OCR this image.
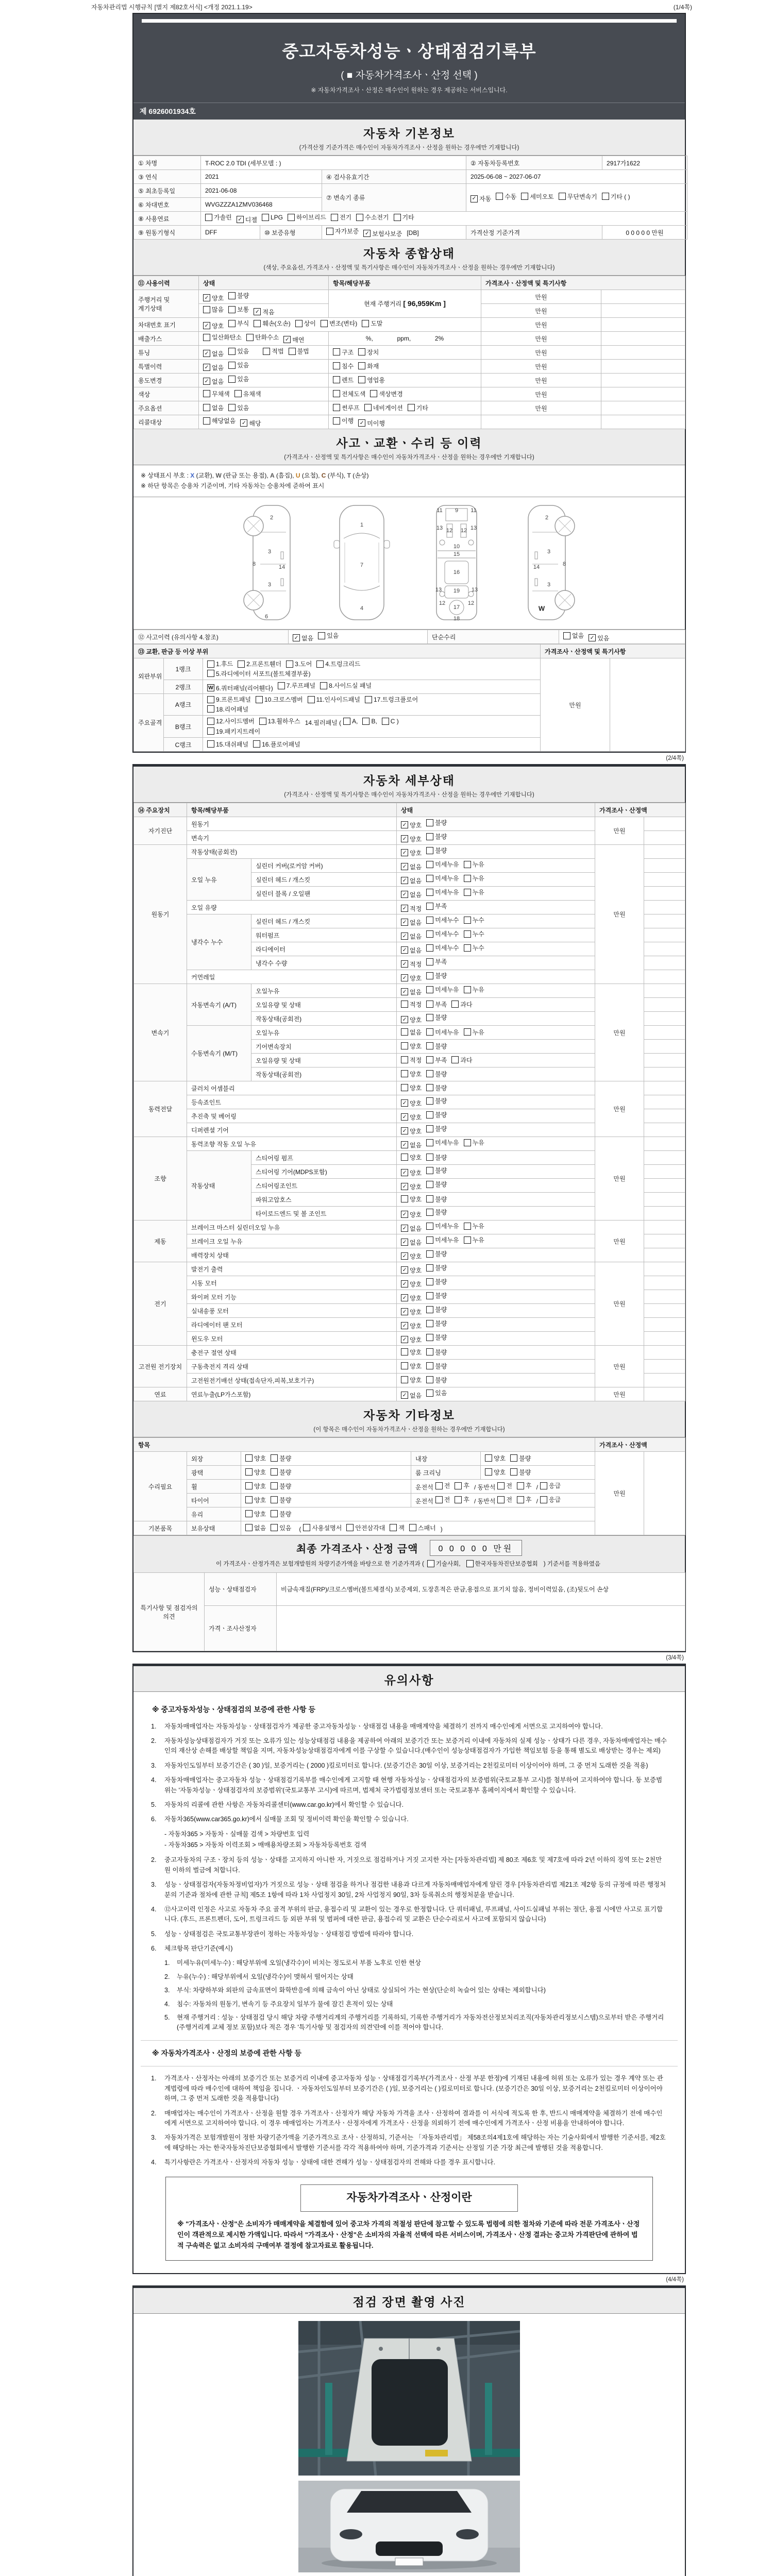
자동차관리법 시행규칙 [별지 제82호서식] <개정 2021.1.19>	(1/4쪽)
중고자동차성능ㆍ상태점검기록부
( ■ 자동차가격조사ㆍ산정 선택 )
※ 자동차가격조사ㆍ산정은 매수인이 원하는 경우 제공하는 서비스입니다.
제 6926001934호
자동차 기본정보
(가격산정 기준가격은 매수인이 자동차가격조사ㆍ산정을 원하는 경우에만 기재합니다)
① 차명	T-ROC 2.0 TDI (세부모델 : )			② 자동차등록번호	2917가1622
③ 연식	2021		④ 검사유효기간	2025-06-08 ~ 2027-06-07	
⑤ 최초등록일	2021-06-08	⑦ 변속기 종류	✓ 자동 수동 세미오토 무단변속기 기타 ( )

⑥ 차대번호	WVGZZZA1ZMV036468				
⑧ 사용연료	가솔린 ✓ 디젤 LPG 하이브리드 전기 수소전기 기타

⑨ 원동기형식	DFF	⑩ 보증유형	자가보증 ✓ 보험사보증 [DB]	가격산정 기준가격	0 0 0 0 0 만원
자동차 종합상태
(색상, 주요옵션, 가격조사ㆍ산정액 및 특기사항은 매수인이 자동차가격조사ㆍ산정을 원하는 경우에만 기재합니다)
⑪ 사용이력	상태	항목/해당부품	가격조사ㆍ산정액 및 특기사항	
주행거리 및 계기상태	✓ 양호 불량	현재 주행거리 [ 96,959Km ]	만원	

	많음 보통 ✓ 적음		만원	
차대번호 표기	✓ 양호 부식 훼손(오손) 상이 변조(변타) 도말	만원	
배출가스	일산화탄소 탄화수소 ✓ 매연	%,              ppm,              2%	만원	
튜닝	✓ 없음 있음 적법 불법	구조 장치	만원	
특별이력	✓ 없음 있음	침수 화재	만원	
용도변경	✓ 없음 있음	렌트 영업용	만원	
색상	무채색 유채색	전체도색 색상변경	만원	
주요옵션	없음 있음	썬루프 네비게이션 기타	만원	
리콜대상	해당없음 ✓ 해당	이행 ✓ 미이행		

사고ㆍ교환ㆍ수리 등 이력
(가격조사ㆍ산정액 및 특기사항은 매수인이 자동차가격조사ㆍ산정을 원하는 경우에만 기재합니다)
※ 상태표시 부호 : X (교환), W (판금 또는 용접), A (흠집), U (요철), C (부식), T (손상)
※ 하단 항목은 승용차 기준이며, 기타 자동차는 승용차에 준하여 표시
2
8
3
14
3
6
1
7
4
11 9 11
13 12 12 13
10
15
16
13 19 13
12
17
12
18
2
3
8
14
3
W
⑫ 사고이력 (유의사항 4.참조)	✓ 없음 있음	단순수리	없음 ✓ 있음
⑬ 교환, 판금 등 이상 부위			가격조사ㆍ산정액 및 특기사항	
외판부위	1랭크	1.후드 2.프론트휀더 3.도어 4.트렁크리드
5.라디에이터 서포트(볼트체결부품)	만원	
	2랭크	W 6.쿼터패널(리어휀다) 7.루프패널 8.사이드실 패널		

주요골격	A랭크	9.프론트패널 10.크로스멤버 11.인사이드패널 17.트렁크플로어
18.리어패널		

B랭크	
12.사이드멤버 13.휠하우스 14.필러패널 ( A, B, C )
19.패키지트레이

	C랭크	15.대쉬패널 16.플로어패널		
(2/4쪽)
자동차 세부상태
(가격조사ㆍ산정액 및 특기사항은 매수인이 자동차가격조사ㆍ산정을 원하는 경우에만 기재합니다)
⑭ 주요장치	항목/해당부품		상태	가격조사ㆍ산정액	
자기진단	원동기		✓ 양호 불량	만원	
	변속기		✓ 양호 불량		

원동기	작동상태(공회전)		✓ 양호 불량	만원	
	오일 누유	실린더 커버(로커암 커버)	✓ 없음 미세누유 누유		

		실린더 헤드 / 개스킷	✓ 없음 미세누유 누유		

		실린더 블록 / 오일팬	✓ 없음 미세누유 누유		

	오일 유량		✓ 적정 부족		

	냉각수 누수	실린더 헤드 / 개스킷	✓ 없음 미세누수 누수		

		워터펌프	✓ 없음 미세누수 누수		

		라디에이터	✓ 없음 미세누수 누수		

		냉각수 수량	✓ 적정 부족		

	커먼레일		✓ 양호 불량		

변속기	자동변속기 (A/T)	오일누유	✓ 없음 미세누유 누유	만원	
		오일유량 및 상태	적정 부족 과다		

		작동상태(공회전)	✓ 양호 불량		

	수동변속기 (M/T)	오일누유	없음 미세누유 누유		

		기어변속장치	양호 불량		

		오일유량 및 상태	적정 부족 과다		

		작동상태(공회전)	양호 불량		

동력전달	클러치 어셈블리		양호 불량	만원	
	등속죠인트		✓ 양호 불량		

	추진축 및 베어링		✓ 양호 불량		

	디퍼렌셜 기어		✓ 양호 불량		

조향	동력조향 작동 오일 누유		✓ 없음 미세누유 누유	만원	
	작동상태	스티어링 펌프	양호 불량		

		스티어링 기어(MDPS포함)	✓ 양호 불량		

		스티어링조인트	✓ 양호 불량		

		파워고압호스	양호 불량		

		타이로드엔드 및 볼 조인트	✓ 양호 불량		

제동	브레이크 마스터 실린더오일 누유		✓ 없음 미세누유 누유	만원	
	브레이크 오일 누유		✓ 없음 미세누유 누유		

	배력장치 상태		✓ 양호 불량		

전기	발전기 출력		✓ 양호 불량	만원	
	시동 모터		✓ 양호 불량		

	와이퍼 모터 기능		✓ 양호 불량		

	실내송풍 모터		✓ 양호 불량		

	라디에이터 팬 모터		✓ 양호 불량		

	윈도우 모터		✓ 양호 불량		

고전원 전기장치	충전구 절연 상태		양호 불량	만원	
	구동축전지 격리 상태		양호 불량		

	고전원전기배선 상태(접속단자,피복,보호기구)		양호 불량		

연료	연료누출(LP가스포함)		✓ 없음 있음	만원	
자동차 기타정보
(이 항목은 매수인이 자동차가격조사ㆍ산정을 원하는 경우에만 기재합니다)
항목					가격조사ㆍ산정액	
수리필요	외장	양호 불량	내장	양호 불량	만원	
	광택	양호 불량	룸 크리닝	양호 불량		

휠	양호 불량	운전석 전 후 / 동반석 전 후 / 응급

타이어	양호 불량	운전석 전 후 / 동반석 전 후 / 응급

	유리	양호 불량				

기본품목	보유상태	없음 있음 ( 사용설명서 안전삼각대 잭 스패너 )
최종 가격조사ㆍ산정 금액	0 0 0 0 0 만원
이 가격조사ㆍ산정가격은 보험개발원의 차량기준가액을 바탕으로 한 기준가격과 ( 기술사회, 한국자동차진단보증협회 ) 기준서를 적용하였음
특기사항 및 점검자의 의견	성능ㆍ상태점검자	비금속재질(FRP)/크로스멤버(볼트체결식) 보증제외, 도장흔적은 판금,용접으로 표기치 않음, 정비이력있음, (조)뒷도어 손상
	가격ㆍ조사산정자	
(3/4쪽)
유의사항
※ 중고자동차성능ㆍ상태점검의 보증에 관한 사항 등
1.	자동차매매업자는 자동차성능ㆍ상태점검자가 제공한 중고자동차성능ㆍ상태점검 내용을 매매계약을 체결하기 전까지 매수인에게 서면으로 고지하여야 합니다.
2.	자동차성능상태점검자가 거짓 또는 오류가 있는 성능상태점검 내용을 제공하여 아래의 보증기간 또는 보증거리 이내에 자동차의 실제 성능ㆍ상태가 다른 경우, 자동차매매업자는 매수인의 재산상 손해를 배상할 책임을 지며, 자동차성능상태점검자에게 이를 구상할 수 있습니다.(매수인이 성능상태점검자가 가입한 책임보험 등을 통해 별도로 배상받는 경우는 제외)
3.	자동차인도일부터 보증기간은 ( 30 )일, 보증거리는 ( 2000 )킬로미터로 합니다. (보증기간은 30일 이상, 보증거리는 2천킬로미터 이상이어야 하며, 그 중 먼저 도래한 것을 적용)
4.	자동차매매업자는 중고자동차 성능ㆍ상태점검기록부를 매수인에게 고지할 때 현행 자동차성능ㆍ상태점검자의 보증범위(국토교통부 고시)를 첨부하여 고지하여야 합니다. 동 보증범위는 '자동차성능ㆍ상태점검자의 보증범위'(국토교통부 고시)에 따르며, 법제처 국가법령정보센터 또는 국토교통부 홈페이지에서 확인할 수 있습니다.
5.	자동차의 리콜에 관한 사항은 자동차리콜센터(www.car.go.kr)에서 확인할 수 있습니다.
6.	자동차365(www.car365.go.kr)에서 실매물 조회 및 정비이력 확인을 확인할 수 있습니다.
- 자동차365 > 자동차ㆍ실매물 검색 > 차량번호 입력
- 자동차365 > 자동차 이력조회 > 매매용차량조회 > 자동차등록번호 검색
2.	중고자동차의 구조ㆍ장치 등의 성능ㆍ상태를 고지하지 아니한 자, 거짓으로 점검하거나 거짓 고지한 자는 [자동차관리법] 제 80조 제6호 및 제7호에 따라 2년 이하의 징역 또는 2천만원 이하의 벌금에 처합니다.
3.	성능ㆍ상태점검자(자동차정비업자)가 거짓으로 성능ㆍ상태 점검을 하거나 점검한 내용과 다르게 자동차매매업자에게 알린 경우 [자동차관리법 제21조 제2항 등의 규정에 따른 행정처분의 기준과 절차에 관한 규칙] 제5조 1항에 따라 1차 사업정지 30일, 2차 사업정지 90일, 3차 등록취소의 행정처분을 받습니다.
4.	⑫사고이력 인정은 사고로 자동차 주요 골격 부위의 판금, 용접수리 및 교환이 있는 경우로 한정합니다. 단 쿼터패널, 루프패널, 사이드실패널 부위는 절단, 용접 시에만 사고로 표기합니다. (후드, 프론트펜더, 도어, 트렁크리드 등 외판 부위 및 범퍼에 대한 판금, 용접수리 및 교환은 단순수리로서 사고에 포함되지 않습니다)
5.	성능ㆍ상태점검은 국토교통부장관이 정하는 자동차성능ㆍ상태점검 방법에 따라야 합니다.
6.	체크항목 판단기준(예시)
1.	미세누유(미세누수) : 해당부위에 오일(냉각수)이 비치는 정도로서 부품 노후로 인한 현상
2.	누유(누수) : 해당부위에서 오일(냉각수)이 맺혀서 떨어지는 상태
3.	부식: 차량하부와 외판의 금속표면이 화학반응에 의해 금속이 아닌 상태로 상실되어 가는 현상(단순히 녹슬어 있는 상태는 제외합니다)
4.	침수: 자동차의 원동기, 변속기 등 주요장치 일부가 물에 잠긴 흔적이 있는 상태
5.	현재 주행거리 : 성능ㆍ상태점검 당시 해당 차량 주행거리계의 주행거리를 기록하되, 기록한 주행거리가 자동차전산정보처리조직(자동차관리정보시스템)으로부터 받은 주행거리(주행거리계 교체 정보 포함)보다 적은 경우 '특기사항 및 점검자의 의견'란에 이를 적어야 합니다.
※ 자동차가격조사ㆍ산정의 보증에 관한 사항 등
1.	가격조사ㆍ산정자는 아래의 보증기간 또는 보증거리 이내에 중고자동차 성능ㆍ상태점검기록부(가격조사ㆍ산정 부분 한정)에 기재된 내용에 허위 또는 오류가 있는 경우 계약 또는 관계법령에 따라 매수인에 대하여 책임을 집니다. ㆍ자동차인도일부터 보증기간은 ( )일, 보증거리는 ( )킬로미터로 합니다. (보증기간은 30일 이상, 보증거리는 2천킬로미터 이상이어야 하며, 그 중 먼저 도래한 것을 적용합니다)
2.	매매업자는 매수인이 가격조사ㆍ산정을 원할 경우 가격조사ㆍ산정자가 해당 자동차 가격을 조사ㆍ산정하여 결과를 이 서식에 적도록 한 후, 반드시 매매계약을 체결하기 전에 매수인에게 서면으로 고지하여야 합니다. 이 경우 매매업자는 가격조사ㆍ산정자에게 가격조사ㆍ산정을 의뢰하기 전에 매수인에게 가격조사ㆍ산정 비용을 안내하여야 합니다.
3.	자동차가격은 보험개발원이 정한 차량기준가액을 기준가격으로 조사ㆍ산정하되, 기준서는 「자동차관리법」 제58조의4제1호에 해당하는 자는 기술사회에서 발행한 기준서를, 제2호에 해당하는 자는 한국자동차진단보증협회에서 발행한 기준서를 각각 적용하여야 하며, 기준가격과 기준서는 산정일 기준 가장 최근에 발행된 것을 적용합니다.
4.	특기사항란은 가격조사ㆍ산정자의 자동차 성능ㆍ상태에 대한 견해가 성능ㆍ상태점검자의 견해와 다를 경우 표시합니다.
자동차가격조사ㆍ산정이란
※ "가격조사ㆍ산정"은 소비자가 매매계약을 체결함에 있어 중고차 가격의 적절성 판단에 참고할 수 있도록 법령에 의한 절차와 기준에 따라 전문 가격조사ㆍ산정인이 객관적으로 제시한 가액입니다. 따라서 "가격조사ㆍ산정"은 소비자의 자율적 선택에 따른 서비스이며, 가격조사ㆍ산정 결과는 중고차 가격판단에 관하여 법적 구속력은 없고 소비자의 구매여부 결정에 참고자료로 활용됩니다.
(4/4쪽)
점검 장면 촬영 사진
